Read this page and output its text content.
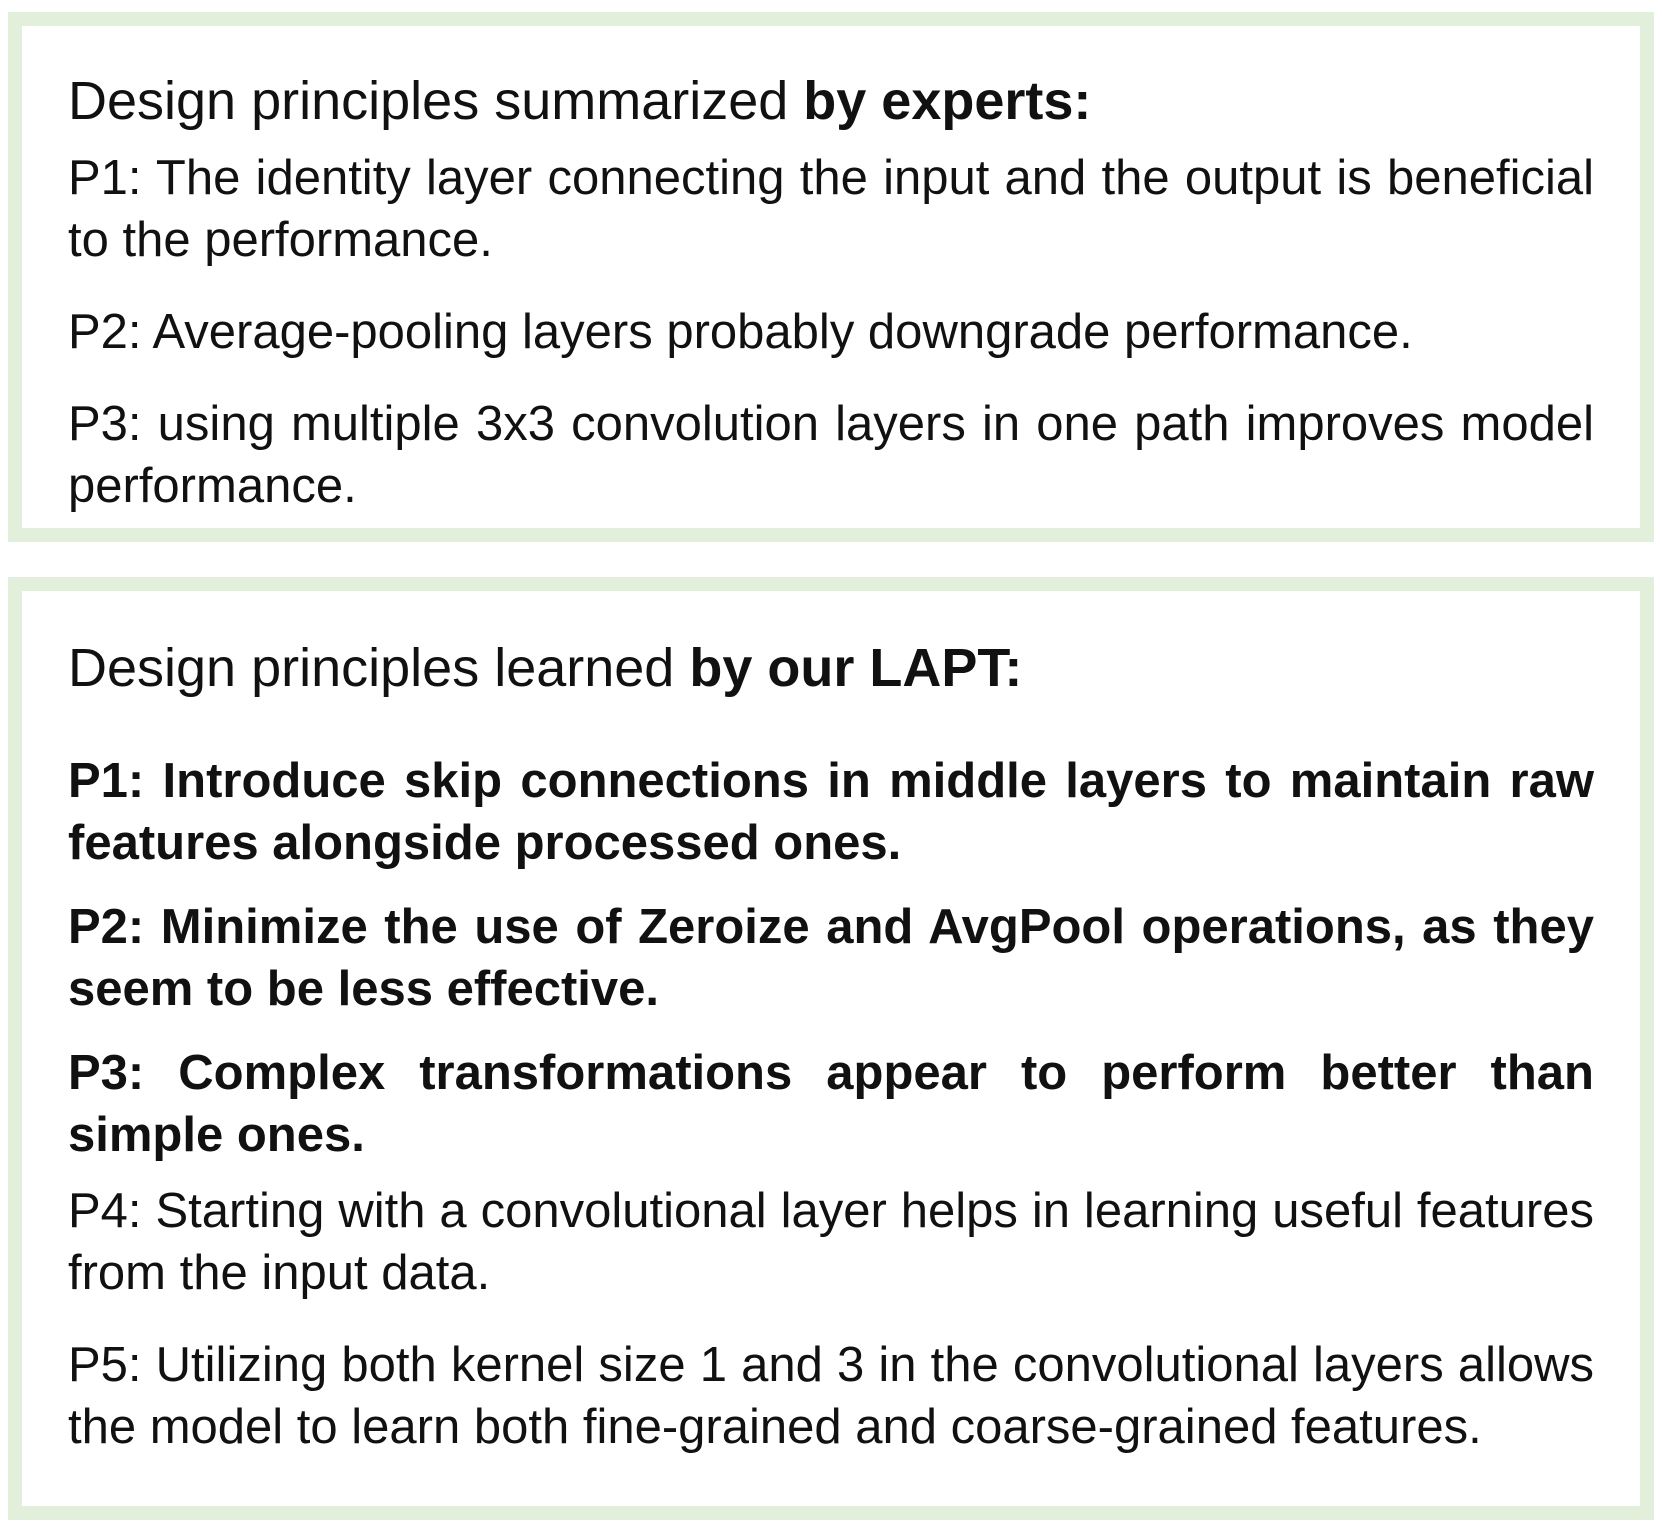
Design principles summarized by experts:

P1: The identity layer connecting the input and the output is beneficial to the performance.

P2: Average-pooling layers probably downgrade performance.

P3: using multiple 3x3 convolution layers in one path improves model performance.

Design principles learned by our LAPT:

P1: Introduce skip connections in middle layers to maintain raw features alongside processed ones.

P2: Minimize the use of Zeroize and AvgPool operations, as they seem to be less effective.

P3: Complex transformations appear to perform better than simple ones.

P4: Starting with a convolutional layer helps in learning useful features from the input data.

P5: Utilizing both kernel size 1 and 3 in the convolutional layers allows the model to learn both fine-grained and coarse-grained features.
